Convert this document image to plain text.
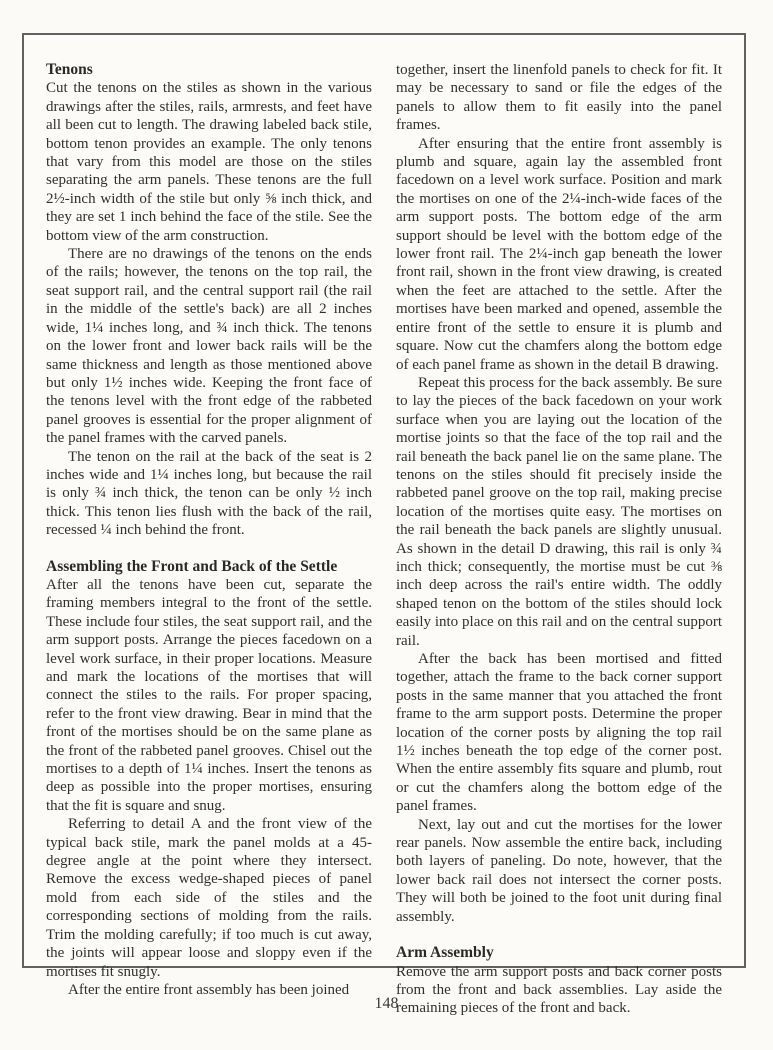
Tenons

Cut the tenons on the stiles as shown in the various drawings after the stiles, rails, armrests, and feet have all been cut to length. The drawing labeled back stile, bottom tenon provides an example. The only tenons that vary from this model are those on the stiles separating the arm panels. These tenons are the full 2½-inch width of the stile but only ⅝ inch thick, and they are set 1 inch behind the face of the stile. See the bottom view of the arm construction.

There are no drawings of the tenons on the ends of the rails; however, the tenons on the top rail, the seat support rail, and the central support rail (the rail in the middle of the settle's back) are all 2 inches wide, 1¼ inches long, and ¾ inch thick. The tenons on the lower front and lower back rails will be the same thickness and length as those mentioned above but only 1½ inches wide. Keeping the front face of the tenons level with the front edge of the rabbeted panel grooves is essential for the proper alignment of the panel frames with the carved panels.

The tenon on the rail at the back of the seat is 2 inches wide and 1¼ inches long, but because the rail is only ¾ inch thick, the tenon can be only ½ inch thick. This tenon lies flush with the back of the rail, recessed ¼ inch behind the front.

Assembling the Front and Back of the Settle

After all the tenons have been cut, separate the framing members integral to the front of the settle. These include four stiles, the seat support rail, and the arm support posts. Arrange the pieces facedown on a level work surface, in their proper locations. Measure and mark the locations of the mortises that will connect the stiles to the rails. For proper spacing, refer to the front view drawing. Bear in mind that the front of the mortises should be on the same plane as the front of the rabbeted panel grooves. Chisel out the mortises to a depth of 1¼ inches. Insert the tenons as deep as possible into the proper mortises, ensuring that the fit is square and snug.

Referring to detail A and the front view of the typical back stile, mark the panel molds at a 45-degree angle at the point where they intersect. Remove the excess wedge-shaped pieces of panel mold from each side of the stiles and the corresponding sections of molding from the rails. Trim the molding carefully; if too much is cut away, the joints will appear loose and sloppy even if the mortises fit snugly.

After the entire front assembly has been joined

together, insert the linenfold panels to check for fit. It may be necessary to sand or file the edges of the panels to allow them to fit easily into the panel frames.

After ensuring that the entire front assembly is plumb and square, again lay the assembled front facedown on a level work surface. Position and mark the mortises on one of the 2¼-inch-wide faces of the arm support posts. The bottom edge of the arm support should be level with the bottom edge of the lower front rail. The 2¼-inch gap beneath the lower front rail, shown in the front view drawing, is created when the feet are attached to the settle. After the mortises have been marked and opened, assemble the entire front of the settle to ensure it is plumb and square. Now cut the chamfers along the bottom edge of each panel frame as shown in the detail B drawing.

Repeat this process for the back assembly. Be sure to lay the pieces of the back facedown on your work surface when you are laying out the location of the mortise joints so that the face of the top rail and the rail beneath the back panel lie on the same plane. The tenons on the stiles should fit precisely inside the rabbeted panel groove on the top rail, making precise location of the mortises quite easy. The mortises on the rail beneath the back panels are slightly unusual. As shown in the detail D drawing, this rail is only ¾ inch thick; consequently, the mortise must be cut ⅜ inch deep across the rail's entire width. The oddly shaped tenon on the bottom of the stiles should lock easily into place on this rail and on the central support rail.

After the back has been mortised and fitted together, attach the frame to the back corner support posts in the same manner that you attached the front frame to the arm support posts. Determine the proper location of the corner posts by aligning the top rail 1½ inches beneath the top edge of the corner post. When the entire assembly fits square and plumb, rout or cut the chamfers along the bottom edge of the panel frames.

Next, lay out and cut the mortises for the lower rear panels. Now assemble the entire back, including both layers of paneling. Do note, however, that the lower back rail does not intersect the corner posts. They will both be joined to the foot unit during final assembly.

Arm Assembly

Remove the arm support posts and back corner posts from the front and back assemblies. Lay aside the remaining pieces of the front and back.

148
